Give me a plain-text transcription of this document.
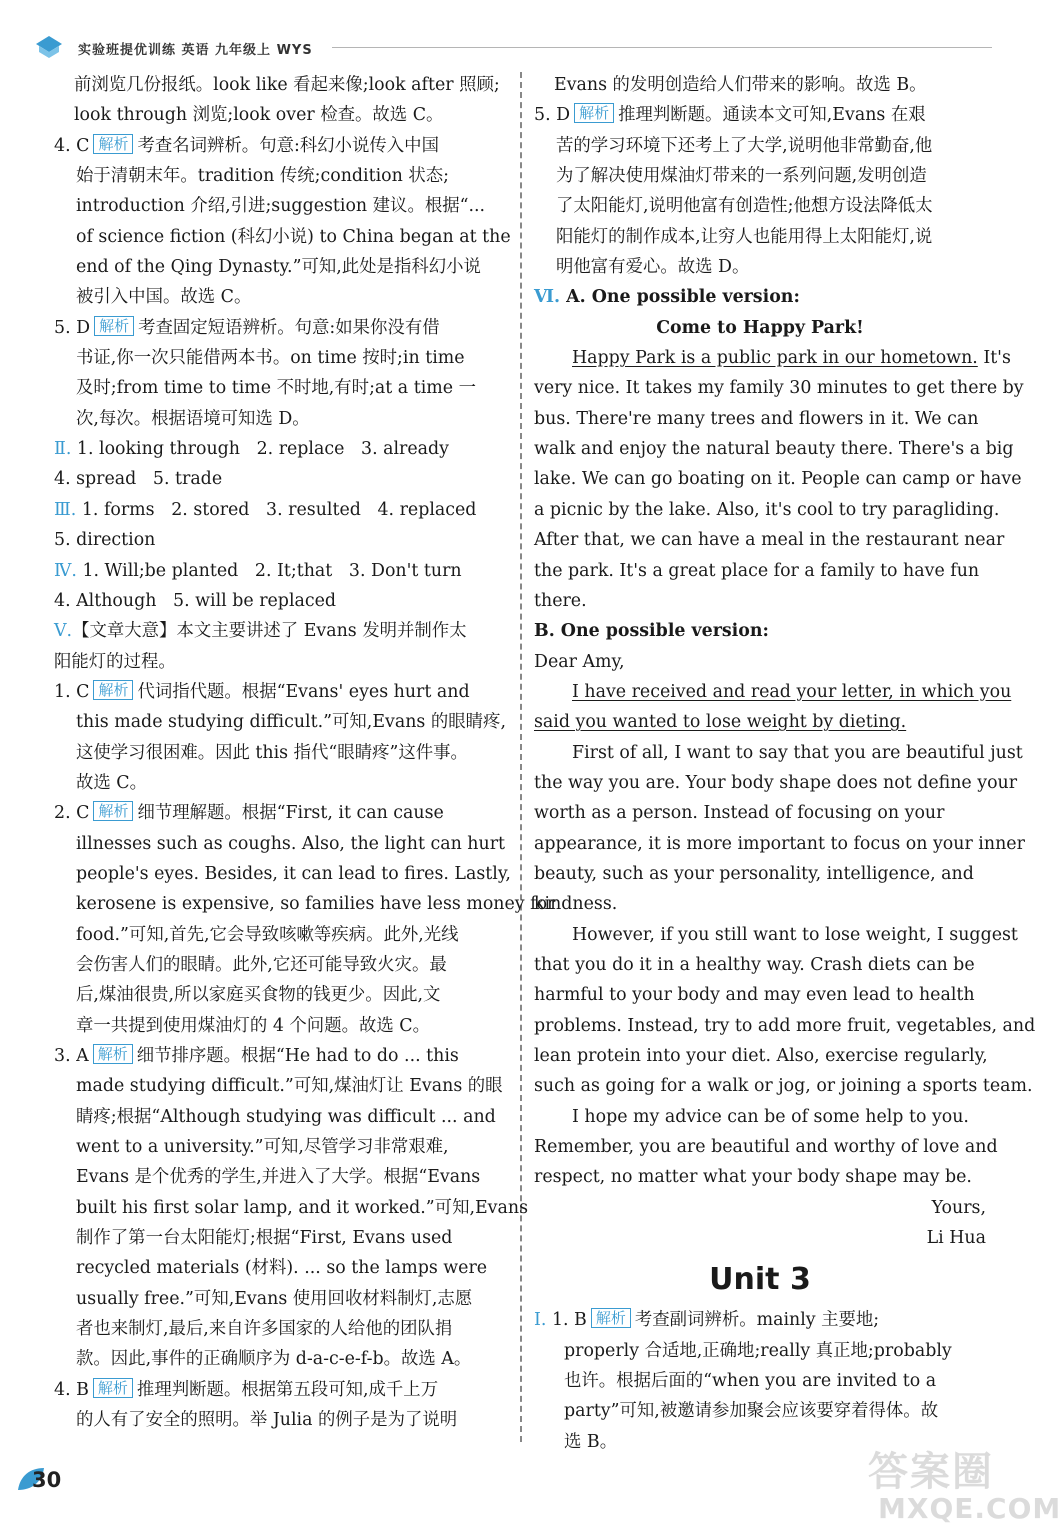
实验班提优训练 英语 九年级上 WYS
前浏览几份报纸。look like 看起来像;look after 照顾;
look through 浏览;look over 检查。故选 C。
4. C 解析 考查名词辨析。句意:科幻小说传入中国
始于清朝末年。tradition 传统;condition 状态;
introduction 介绍,引进;suggestion 建议。根据“...
of science fiction (科幻小说) to China began at the
end of the Qing Dynasty.”可知,此处是指科幻小说
被引入中国。故选 C。
5. D 解析 考查固定短语辨析。句意:如果你没有借
书证,你一次只能借两本书。on time 按时;in time
及时;from time to time 不时地,有时;at a time 一
次,每次。根据语境可知选 D。
Ⅱ. 1. looking through 2. replace 3. already
4. spread 5. trade
Ⅲ. 1. forms 2. stored 3. resulted 4. replaced
5. direction
Ⅳ. 1. Will;be planted 2. It;that 3. Don't turn
4. Although 5. will be replaced
Ⅴ.【文章大意】本文主要讲述了 Evans 发明并制作太
阳能灯的过程。
1. C 解析 代词指代题。根据“Evans' eyes hurt and
this made studying difficult.”可知,Evans 的眼睛疼,
这使学习很困难。因此 this 指代“眼睛疼”这件事。
故选 C。
2. C 解析 细节理解题。根据“First, it can cause
illnesses such as coughs. Also, the light can hurt
people's eyes. Besides, it can lead to fires. Lastly,
kerosene is expensive, so families have less money for
food.”可知,首先,它会导致咳嗽等疾病。此外,光线
会伤害人们的眼睛。此外,它还可能导致火灾。最
后,煤油很贵,所以家庭买食物的钱更少。因此,文
章一共提到使用煤油灯的 4 个问题。故选 C。
3. A 解析 细节排序题。根据“He had to do ... this
made studying difficult.”可知,煤油灯让 Evans 的眼
睛疼;根据“Although studying was difficult ... and
went to a university.”可知,尽管学习非常艰难,
Evans 是个优秀的学生,并进入了大学。根据“Evans
built his first solar lamp, and it worked.”可知,Evans
制作了第一台太阳能灯;根据“First, Evans used
recycled materials (材料). ... so the lamps were
usually free.”可知,Evans 使用回收材料制灯,志愿
者也来制灯,最后,来自许多国家的人给他的团队捐
款。因此,事件的正确顺序为 d-a-c-e-f-b。故选 A。
4. B 解析 推理判断题。根据第五段可知,成千上万
的人有了安全的照明。举 Julia 的例子是为了说明
Evans 的发明创造给人们带来的影响。故选 B。
5. D 解析 推理判断题。通读本文可知,Evans 在艰
苦的学习环境下还考上了大学,说明他非常勤奋,他
为了解决使用煤油灯带来的一系列问题,发明创造
了太阳能灯,说明他富有创造性;他想方设法降低太
阳能灯的制作成本,让穷人也能用得上太阳能灯,说
明他富有爱心。故选 D。
Ⅵ. A. One possible version:
Come to Happy Park!
Happy Park is a public park in our hometown. It's
very nice. It takes my family 30 minutes to get there by
bus. There're many trees and flowers in it. We can
walk and enjoy the natural beauty there. There's a big
lake. We can go boating on it. People can camp or have
a picnic by the lake. Also, it's cool to try paragliding.
After that, we can have a meal in the restaurant near
the park. It's a great place for a family to have fun
there.
B. One possible version:
Dear Amy,
I have received and read your letter, in which you
said you wanted to lose weight by dieting.
First of all, I want to say that you are beautiful just
the way you are. Your body shape does not define your
worth as a person. Instead of focusing on your
appearance, it is more important to focus on your inner
beauty, such as your personality, intelligence, and
kindness.
However, if you still want to lose weight, I suggest
that you do it in a healthy way. Crash diets can be
harmful to your body and may even lead to health
problems. Instead, try to add more fruit, vegetables, and
lean protein into your diet. Also, exercise regularly,
such as going for a walk or jog, or joining a sports team.
I hope my advice can be of some help to you.
Remember, you are beautiful and worthy of love and
respect, no matter what your body shape may be.
Yours,
Li Hua
Unit 3
Ⅰ. 1. B 解析 考查副词辨析。mainly 主要地;
properly 合适地,正确地;really 真正地;probably
也许。根据后面的“when you are invited to a
party”可知,被邀请参加聚会应该要穿着得体。故
选 B。
30	答案圈
MXQE.COM
